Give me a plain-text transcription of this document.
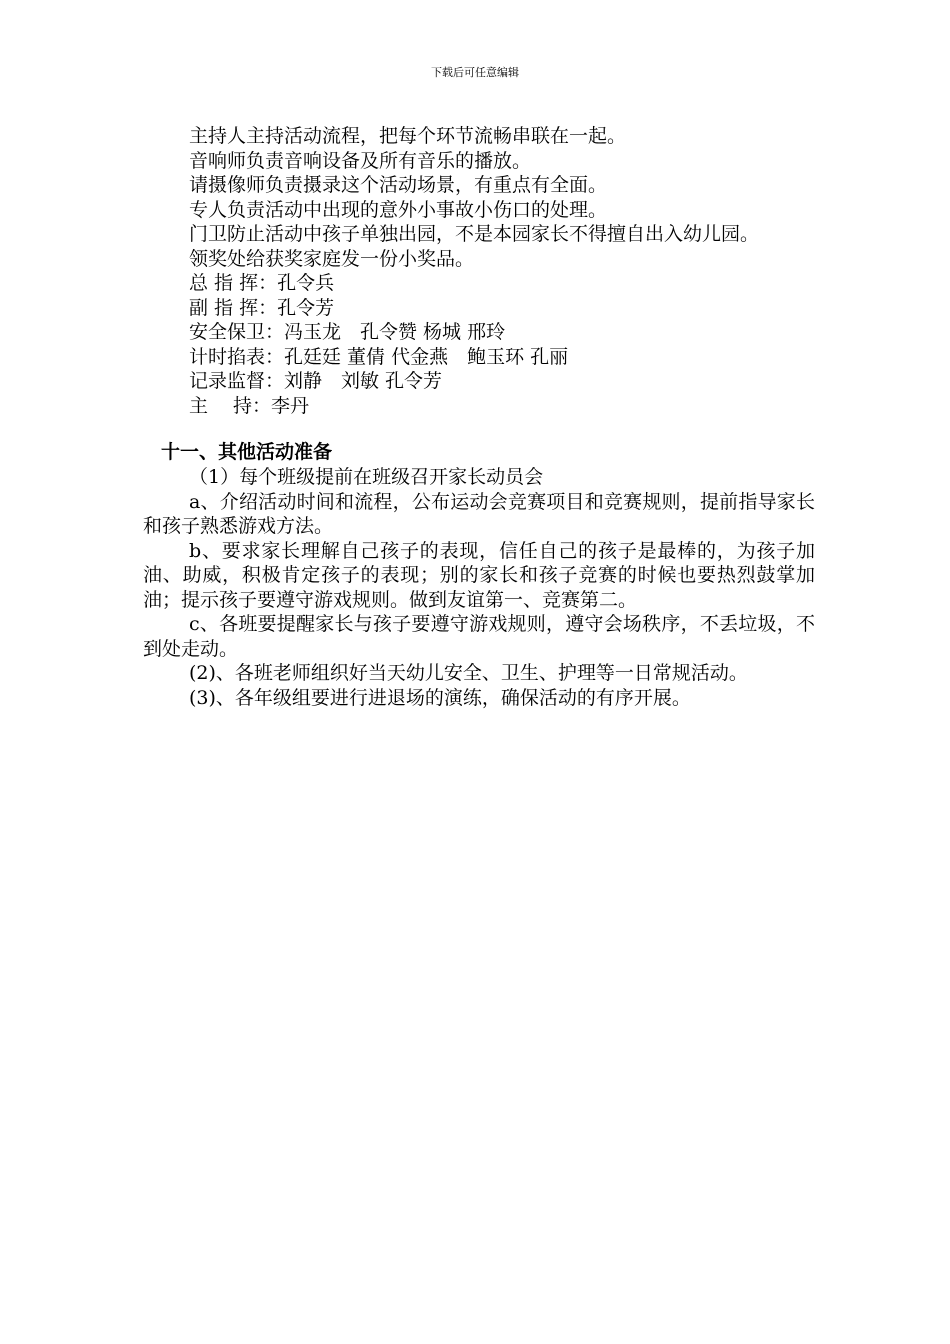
下载后可任意编辑

主持人主持活动流程，把每个环节流畅串联在一起。

音响师负责音响设备及所有音乐的播放。

请摄像师负责摄录这个活动场景，有重点有全面。

专人负责活动中出现的意外小事故小伤口的处理。

门卫防止活动中孩子单独出园，不是本园家长不得擅自出入幼儿园。

领奖处给获奖家庭发一份小奖品。

总 指 挥：孔令兵

副 指 挥：孔令芳

安全保卫：冯玉龙　孔令赞 杨城 邢玲

计时掐表：孔廷廷 董倩 代金燕　鲍玉环 孔丽

记录监督：刘静　刘敏 孔令芳

主　 持：李丹

十一、其他活动准备

（1）每个班级提前在班级召开家长动员会

a、介绍活动时间和流程，公布运动会竞赛项目和竞赛规则，提前指导家长和孩子熟悉游戏方法。

b、要求家长理解自己孩子的表现，信任自己的孩子是最棒的，为孩子加油、助威，积极肯定孩子的表现；别的家长和孩子竞赛的时候也要热烈鼓掌加油；提示孩子要遵守游戏规则。做到友谊第一、竞赛第二。

c、各班要提醒家长与孩子要遵守游戏规则，遵守会场秩序，不丢垃圾，不到处走动。

(2)、各班老师组织好当天幼儿安全、卫生、护理等一日常规活动。

(3)、各年级组要进行进退场的演练，确保活动的有序开展。
